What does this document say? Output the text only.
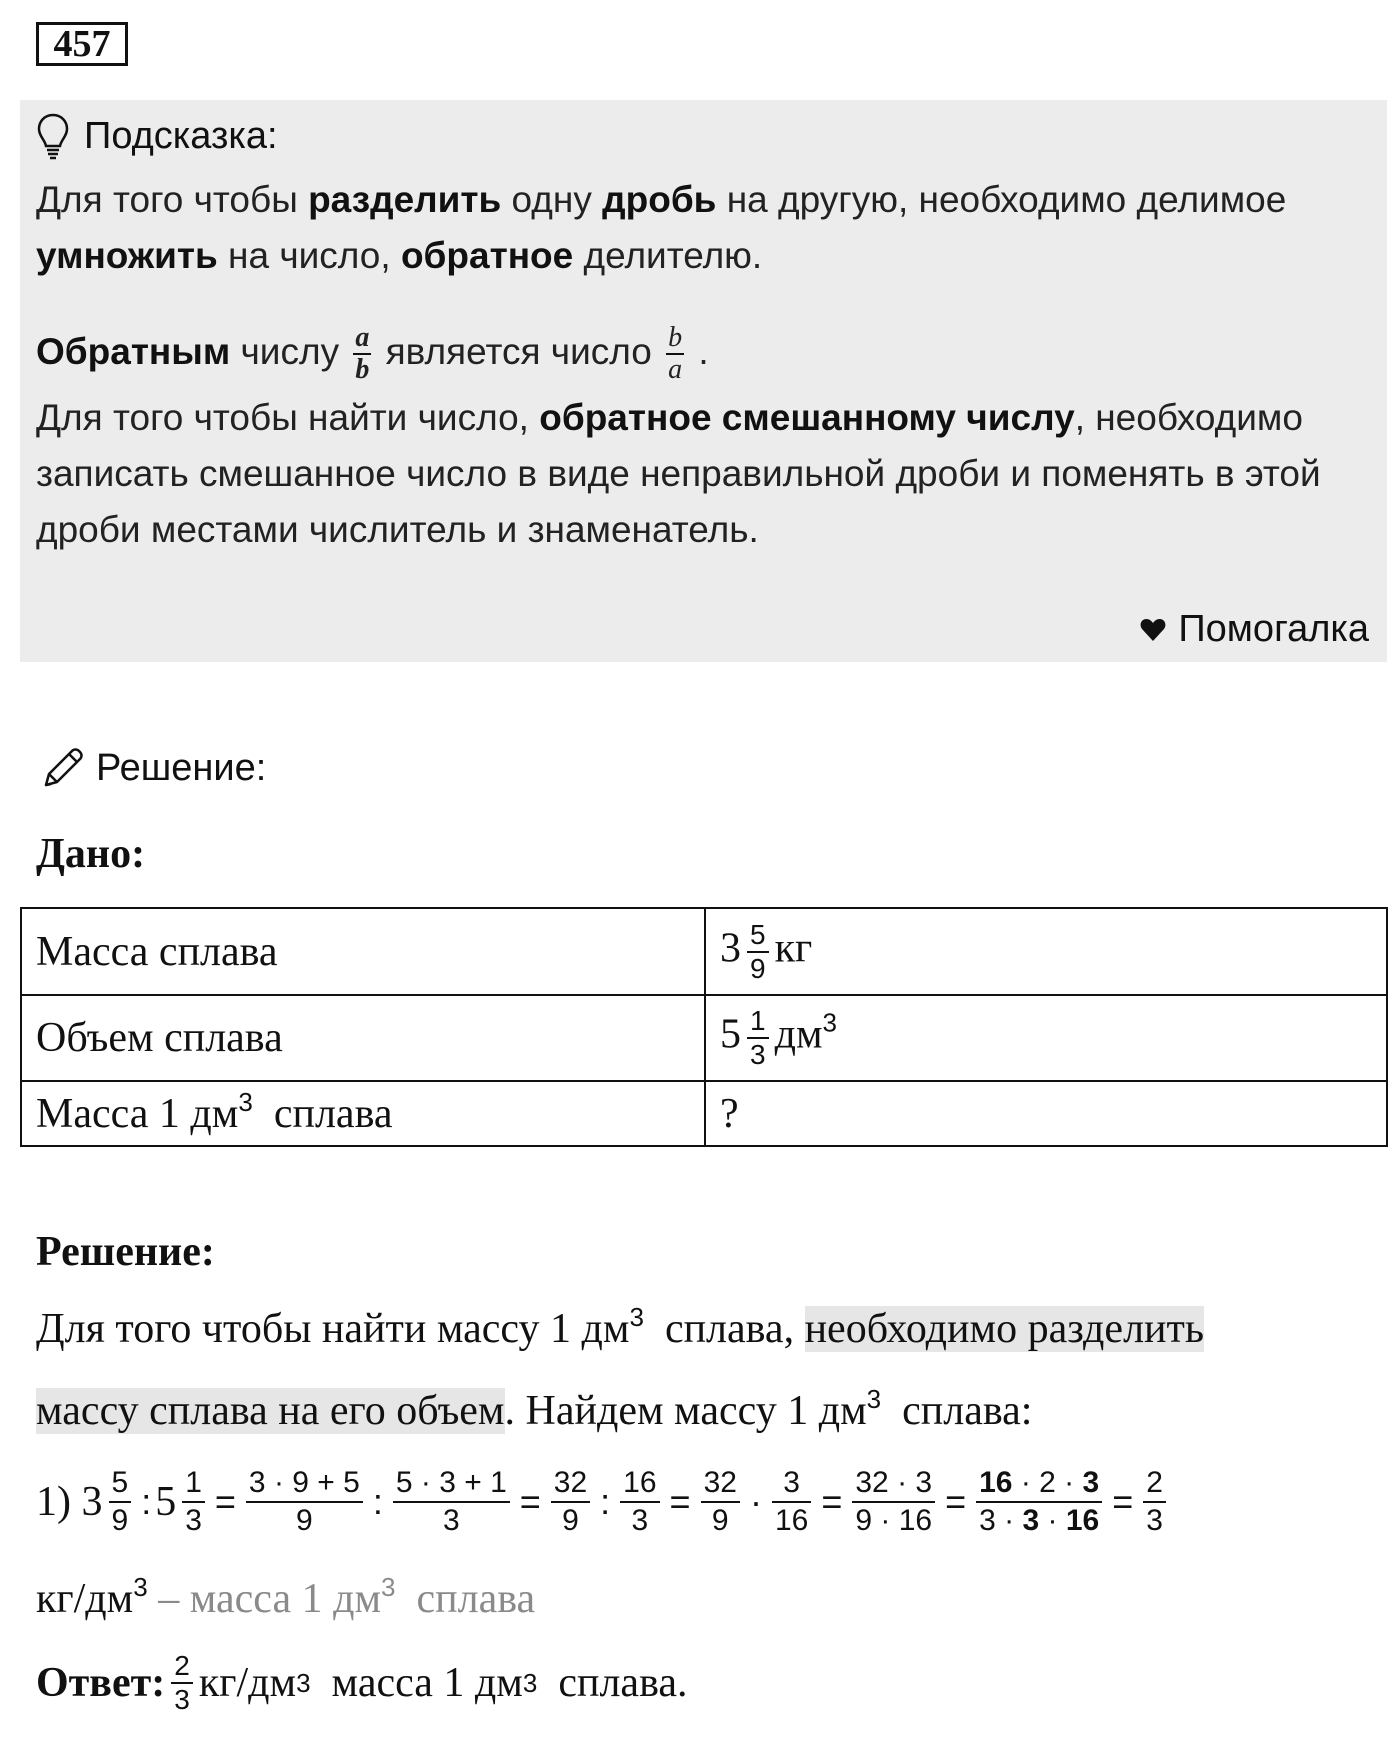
457
Подсказка:
Для того чтобы разделить одну дробь на другую, необходимо делимое умножить на число, обратное делителю.
Обратным числу $\frac{a}{b}$ является число $\frac{b}{a}$ .
Для того чтобы найти число, обратное смешанному числу, необходимо записать смешанное число в виде неправильной дроби и поменять в этой дроби местами числитель и знаменатель.
Помогалка
Решение:
Дано:
Масса сплава	$3 \frac{5}{9}$ кг
Объем сплава	$5 \frac{1}{3} дм^3$
Масса 1 $дм^3$  сплава	?
Решение:
Для того чтобы найти массу 1 $дм^3$  сплава, необходимо разделить
массу сплава на его объем. Найдем массу 1 $дм^3$  сплава:
1) $3 \frac{5}{9}$ : $5 \frac{1}{3} = \frac{3 \cdot 9 + 5}{9}$ : $\frac{5 \cdot 3 + 1}{3} = \frac{32}{9}$ : $\frac{16}{3} = \frac{32}{9} \cdot \frac{3}{16} = \frac{32 \cdot 3}{9 \cdot 16} = \frac{16 \cdot 2 \cdot 3}{3 \cdot 3 \cdot 16} = \frac{2}{3}$
$кг/дм^3$ – масса 1 $дм^3$  сплава
Ответ: $\frac{2}{3} кг/дм$ 3 масса 1 дм 3 сплава.
